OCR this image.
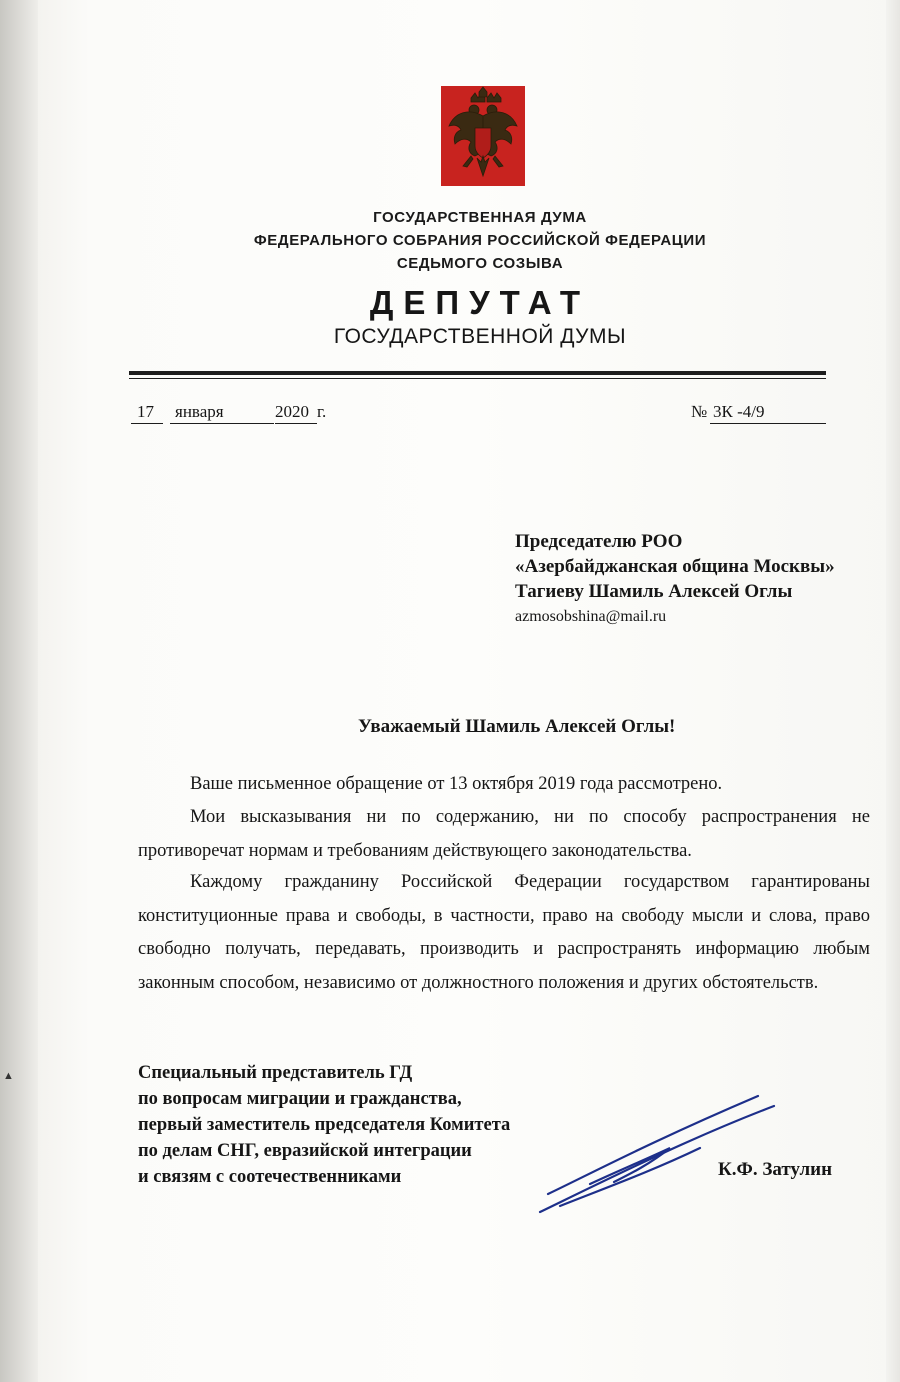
▲
ГОСУДАРСТВЕННАЯ ДУМА
ФЕДЕРАЛЬНОГО СОБРАНИЯ РОССИЙСКОЙ ФЕДЕРАЦИИ
СЕДЬМОГО СОЗЫВА
ДЕПУТАТ
ГОСУДАРСТВЕННОЙ ДУМЫ
17 января	2020 г.	№ 3К -4/9
Председателю РОО
«Азербайджанская община Москвы»
Тагиеву Шамиль Алексей Оглы
azmosobshina@mail.ru
Уважаемый Шамиль Алексей Оглы!
Ваше письменное обращение от 13 октября 2019 года рассмотрено.
Мои высказывания ни по содержанию, ни по способу распространения не противоречат нормам и требованиям действующего законодательства.
Каждому гражданину Российской Федерации государством гарантированы конституционные права и свободы, в частности, право на свободу мысли и слова, право свободно получать, передавать, производить и распространять информацию любым законным способом, независимо от должностного положения и других обстоятельств.
Специальный представитель ГД
по вопросам миграции и гражданства,
первый заместитель председателя Комитета
по делам СНГ, евразийской интеграции
и связям с соотечественниками	К.Ф. Затулин
